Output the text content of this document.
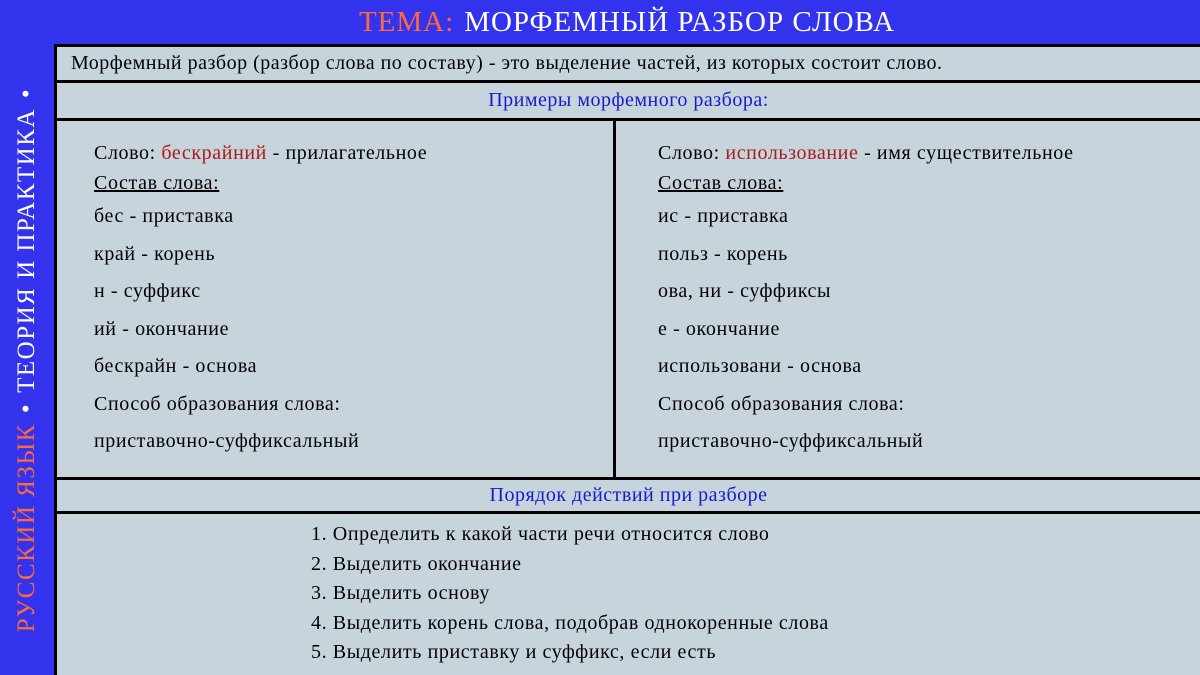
РУССКИЙ ЯЗЫК
•
ТЕОРИЯ И ПРАКТИКА
•
ТЕМА: МОРФЕМНЫЙ РАЗБОР СЛОВА
Морфемный разбор (разбор слова по составу) - это выделение частей, из которых состоит слово.
Примеры морфемного разбора:
Слово: бескрайний - прилагательное
Состав слова:
бес - приставка
край - корень
н - суффикс
ий - окончание
бескрайн - основа
Способ образования слова:
приставочно-суффиксальный
Слово: использование - имя существительное
Состав слова:
ис - приставка
польз - корень
ова, ни - суффиксы
е - окончание
использовани - основа
Способ образования слова:
приставочно-суффиксальный
Порядок действий при разборе
1. Определить к какой части речи относится слово
2. Выделить окончание
3. Выделить основу
4. Выделить корень слова, подобрав однокоренные слова
5. Выделить приставку и суффикс, если есть
